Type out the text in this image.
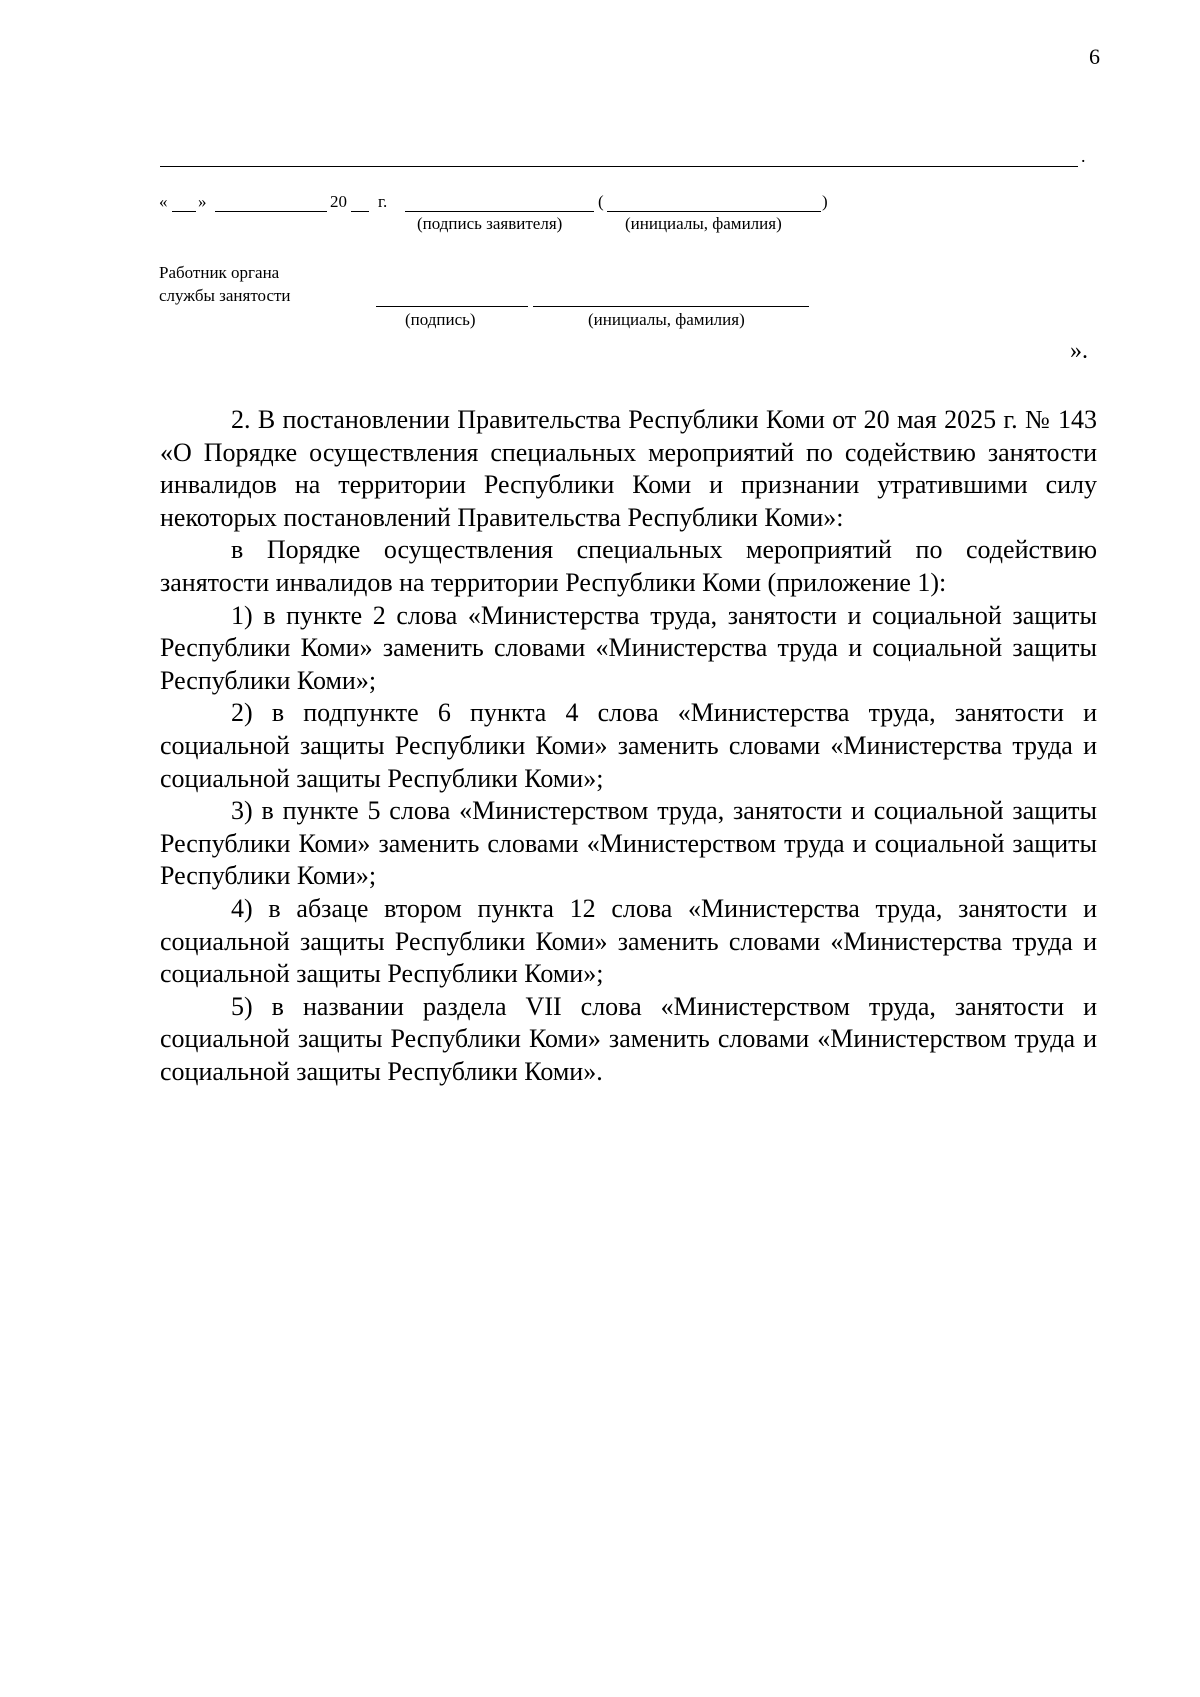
6
.
« »	20 г.	(	)
(подпись заявителя)	(инициалы, фамилия)
Работник органа
службы занятости
(подпись)	(инициалы, фамилия)
».

2. В постановлении Правительства Республики Коми от 20 мая 2025 г. № 143 «О Порядке осуществления специальных мероприятий по содействию занятости инвалидов на территории Республики Коми и признании утратившими силу некоторых постановлений Правительства Республики Коми»:

в Порядке осуществления специальных мероприятий по содействию занятости инвалидов на территории Республики Коми (приложение 1):

1) в пункте 2 слова «Министерства труда, занятости и социальной защиты Республики Коми» заменить словами «Министерства труда и социальной защиты Республики Коми»;

2) в подпункте 6 пункта 4 слова «Министерства труда, занятости и социальной защиты Республики Коми» заменить словами «Министерства труда и социальной защиты Республики Коми»;

3) в пункте 5 слова «Министерством труда, занятости и социальной защиты Республики Коми» заменить словами «Министерством труда и социальной защиты Республики Коми»;

4) в абзаце втором пункта 12 слова «Министерства труда, занятости и социальной защиты Республики Коми» заменить словами «Министерства труда и социальной защиты Республики Коми»;

5) в названии раздела VII слова «Министерством труда, занятости и социальной защиты Республики Коми» заменить словами «Министерством труда и социальной защиты Республики Коми».
